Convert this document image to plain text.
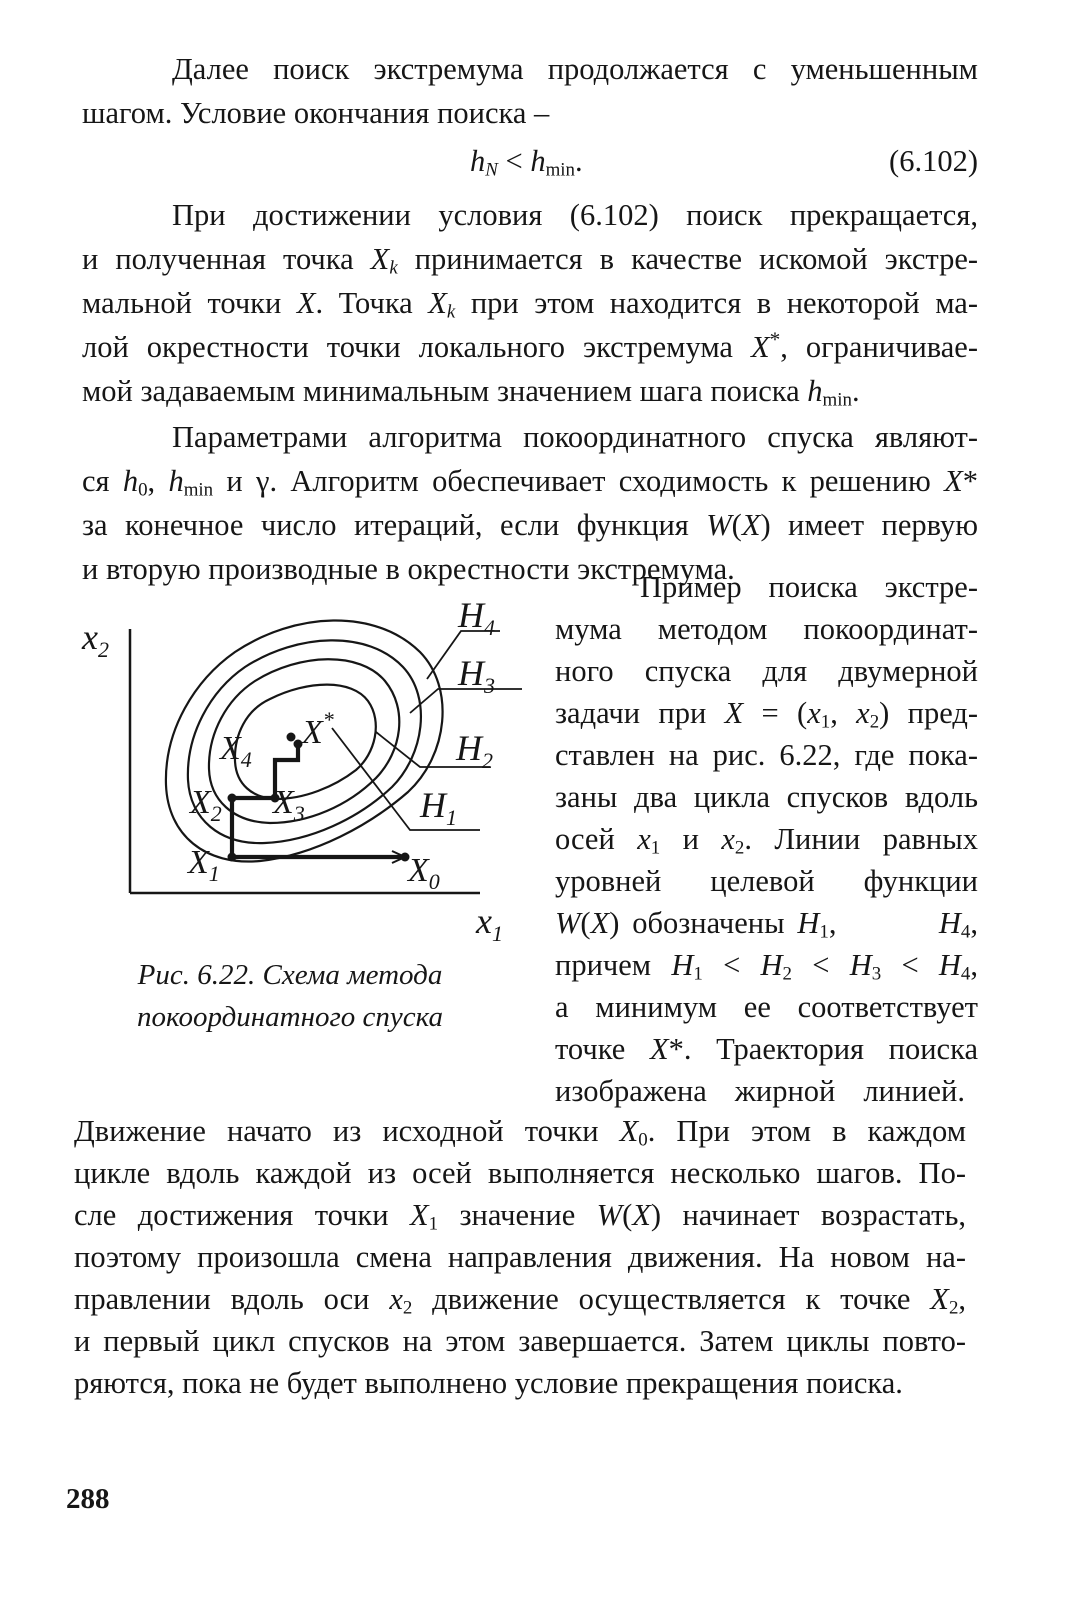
Далее поиск экстремума продолжается с уменьшенным

шагом. Условие окончания поиска –

$h_N < h_{min}$.	(6.102)

При достижении условия (6.102) поиск прекращается,

и полученная точка $X_k$ принимается в качестве искомой экстре-

мальной точки X. Точка $X_k$ при этом находится в некоторой ма-

лой окрестности точки локального экстремума X*, ограничивае-

мой задаваемым минимальным значением шага поиска $h_{min}$.

Параметрами алгоритма покоординатного спуска являют-

ся $h_0$, $h_{min}$ и γ. Алгоритм обеспечивает сходимость к решению X*

за конечное число итераций, если функция W(X) имеет первую

и вторую производные в окрестности экстремума.

$x_2$
$x_1$
$H_4$
$H_3$
$H_2$
$H_1$
X*
$X_4$
$X_3$
$X_2$
$X_1$	$X_0$
Рис. 6.22. Схема метода
покоординатного спуска

Пример поиска экстре-

мума методом покоординат-

ного спуска для двумерной

задачи при $X = (x_1$, $x_2$) пред-

ставлен на рис. 6.22, где пока-

заны два цикла спусков вдоль

осей $x_1$ и $x_2$. Линии равных

уровней целевой функции

W(X) обозначены $H_1$,        $H_4$,

причем $H_1 < H_2 < H_3 < H_4$,

а минимум ее соответствует

точке X*. Траектория поиска

изображена жирной линией.

Движение начато из исходной точки $X_0$. При этом в каждом

цикле вдоль каждой из осей выполняется несколько шагов. По-

сле достижения точки $X_1$ значение W(X) начинает возрастать,

поэтому произошла смена направления движения. На новом на-

правлении вдоль оси $x_2$ движение осуществляется к точке $X_2$,

и первый цикл спусков на этом завершается. Затем циклы повто-

ряются, пока не будет выполнено условие прекращения поиска.

288
